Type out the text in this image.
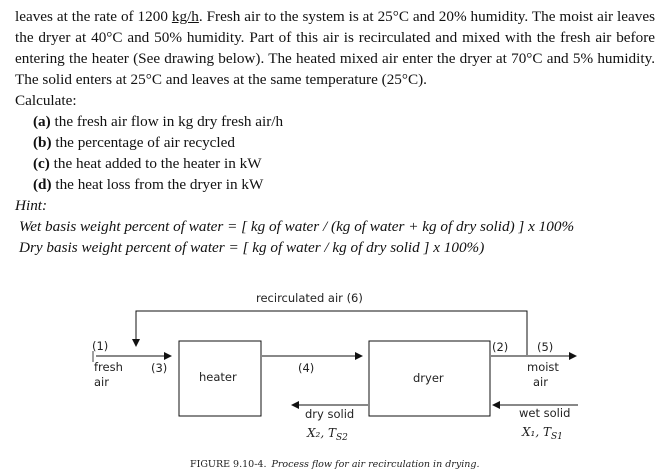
leaves at the rate of 1200 kg/h. Fresh air to the system is at 25°C and 20% humidity. The moist air leaves the dryer at 40°C and 50% humidity. Part of this air is recirculated and mixed with the fresh air before entering the heater (See drawing below). The heated mixed air enter the dryer at 70°C and 5% humidity. The solid enters at 25°C and leaves at the same temperature (25°C).
Calculate:
(a) the fresh air flow in kg dry fresh air/h
(b) the percentage of air recycled
(c) the heat added to the heater in kW
(d) the heat loss from the dryer in kW
Hint:
Wet basis weight percent of water = [ kg of water / (kg of water + kg of dry solid) ] x 100%
Dry basis weight percent of water = [ kg of water / kg of dry solid ] x 100%)
recirculated air (6)
(1)
fresh
air
(3)
heater
(4)
dryer
(2) (5)
moist
air
dry solid
X₂, $T_{S2}$
wet solid
X₁, $T_{S1}$
FIGURE 9.10-4. Process flow for air recirculation in drying.
